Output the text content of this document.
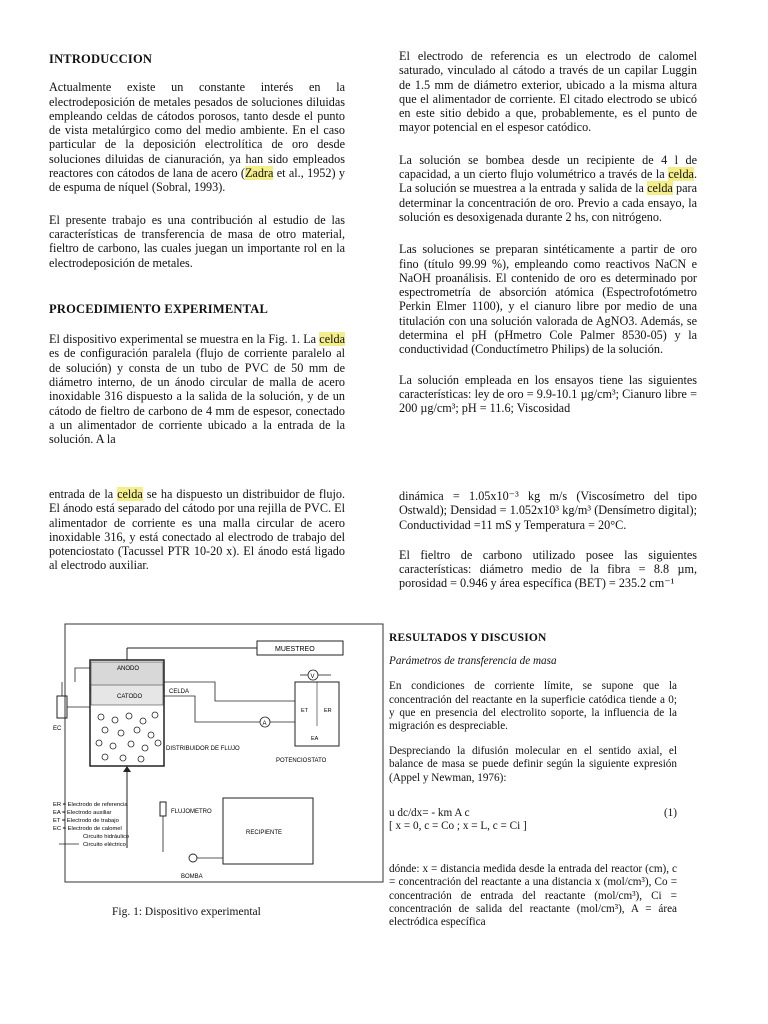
INTRODUCCION

Actualmente existe un constante interés en la electrodeposición de metales pesados de soluciones diluidas empleando celdas de cátodos porosos, tanto desde el punto de vista metalúrgico como del medio ambiente. En el caso particular de la deposición electrolítica de oro desde soluciones diluidas de cianuración, ya han sido empleados reactores con cátodos de lana de acero (Zadra et al., 1952) y de espuma de níquel (Sobral, 1993).

El presente trabajo es una contribución al estudio de las características de transferencia de masa de otro material, fieltro de carbono, las cuales juegan un importante rol en la electrodeposición de metales.

PROCEDIMIENTO EXPERIMENTAL

El dispositivo experimental se muestra en la Fig. 1. La celda es de configuración paralela (flujo de corriente paralelo al de solución) y consta de un tubo de PVC de 50 mm de diámetro interno, de un ánodo circular de malla de acero inoxidable 316 dispuesto a la salida de la solución, y de un cátodo de fieltro de carbono de 4 mm de espesor, conectado a un alimentador de corriente ubicado a la entrada de la solución. A la

entrada de la celda se ha dispuesto un distribuidor de flujo. El ánodo está separado del cátodo por una rejilla de PVC. El alimentador de corriente es una malla circular de acero inoxidable 316, y está conectado al electrodo de trabajo del potenciostato (Tacussel PTR 10-20 x). El ánodo está ligado al electrodo auxiliar.

El electrodo de referencia es un electrodo de calomel saturado, vinculado al cátodo a través de un capilar Luggin de 1.5 mm de diámetro exterior, ubicado a la misma altura que el alimentador de corriente. El citado electrodo se ubicó en este sitio debido a que, probablemente, es el punto de mayor potencial en el espesor catódico.

La solución se bombea desde un recipiente de 4 l de capacidad, a un cierto flujo volumétrico a través de la celda. La solución se muestrea a la entrada y salida de la celda para determinar la concentración de oro. Previo a cada ensayo, la solución es desoxigenada durante 2 hs, con nitrógeno.

Las soluciones se preparan sintéticamente a partir de oro fino (título 99.99 %), empleando como reactivos NaCN e NaOH proanálisis. El contenido de oro es determinado por espectrometría de absorción atómica (Espectrofotómetro Perkin Elmer 1100), y el cianuro libre por medio de una titulación con una solución valorada de AgNO3. Además, se determina el pH (pHmetro Cole Palmer 8530-05) y la conductividad (Conductímetro Philips) de la solución.

La solución empleada en los ensayos tiene las siguientes características: ley de oro = 9.9-10.1 µg/cm³; Cianuro libre = 200 µg/cm³; pH = 11.6; Viscosidad

dinámica = 1.05x10⁻³ kg m/s (Viscosímetro del tipo Ostwald); Densidad = 1.052x10³ kg/m³ (Densímetro digital); Conductividad =11 mS y Temperatura = 20°C.

El fieltro de carbono utilizado posee las siguientes características: diámetro medio de la fibra = 8.8 µm, porosidad = 0.946 y área específica (BET) = 235.2 cm⁻¹

RESULTADOS Y DISCUSION

Parámetros de transferencia de masa

En condiciones de corriente límite, se supone que la concentración del reactante en la superficie catódica tiende a 0; y que en presencia del electrolito soporte, la influencia de la migración es despreciable.

Despreciando la difusión molecular en el sentido axial, el balance de masa se puede definir según la siguiente expresión (Appel y Newman, 1976):

u dc/dx= - km A c	(1)
[ x = 0, c = Co ; x = L, c = Ci ]

dónde: x = distancia medida desde la entrada del reactor (cm), c = concentración del reactante a una distancia x (mol/cm³), Co = concentración de entrada del reactante (mol/cm³), Ci = concentración de salida del reactante (mol/cm³), A = área electródica específica

MUESTREO
ANODO
CATODO
CELDA
DISTRIBUIDOR DE FLUJO
EC
ET	ER
EA
POTENCIOSTATO
V
A
FLUJOMETRO
RECIPIENTE
BOMBA
ER = Electrodo de referencia
EA = Electrodo auxiliar
ET = Electrodo de trabajo
EC = Electrodo de calomel
Circuito hidráulico
Circuito eléctrico
Fig. 1: Dispositivo experimental
